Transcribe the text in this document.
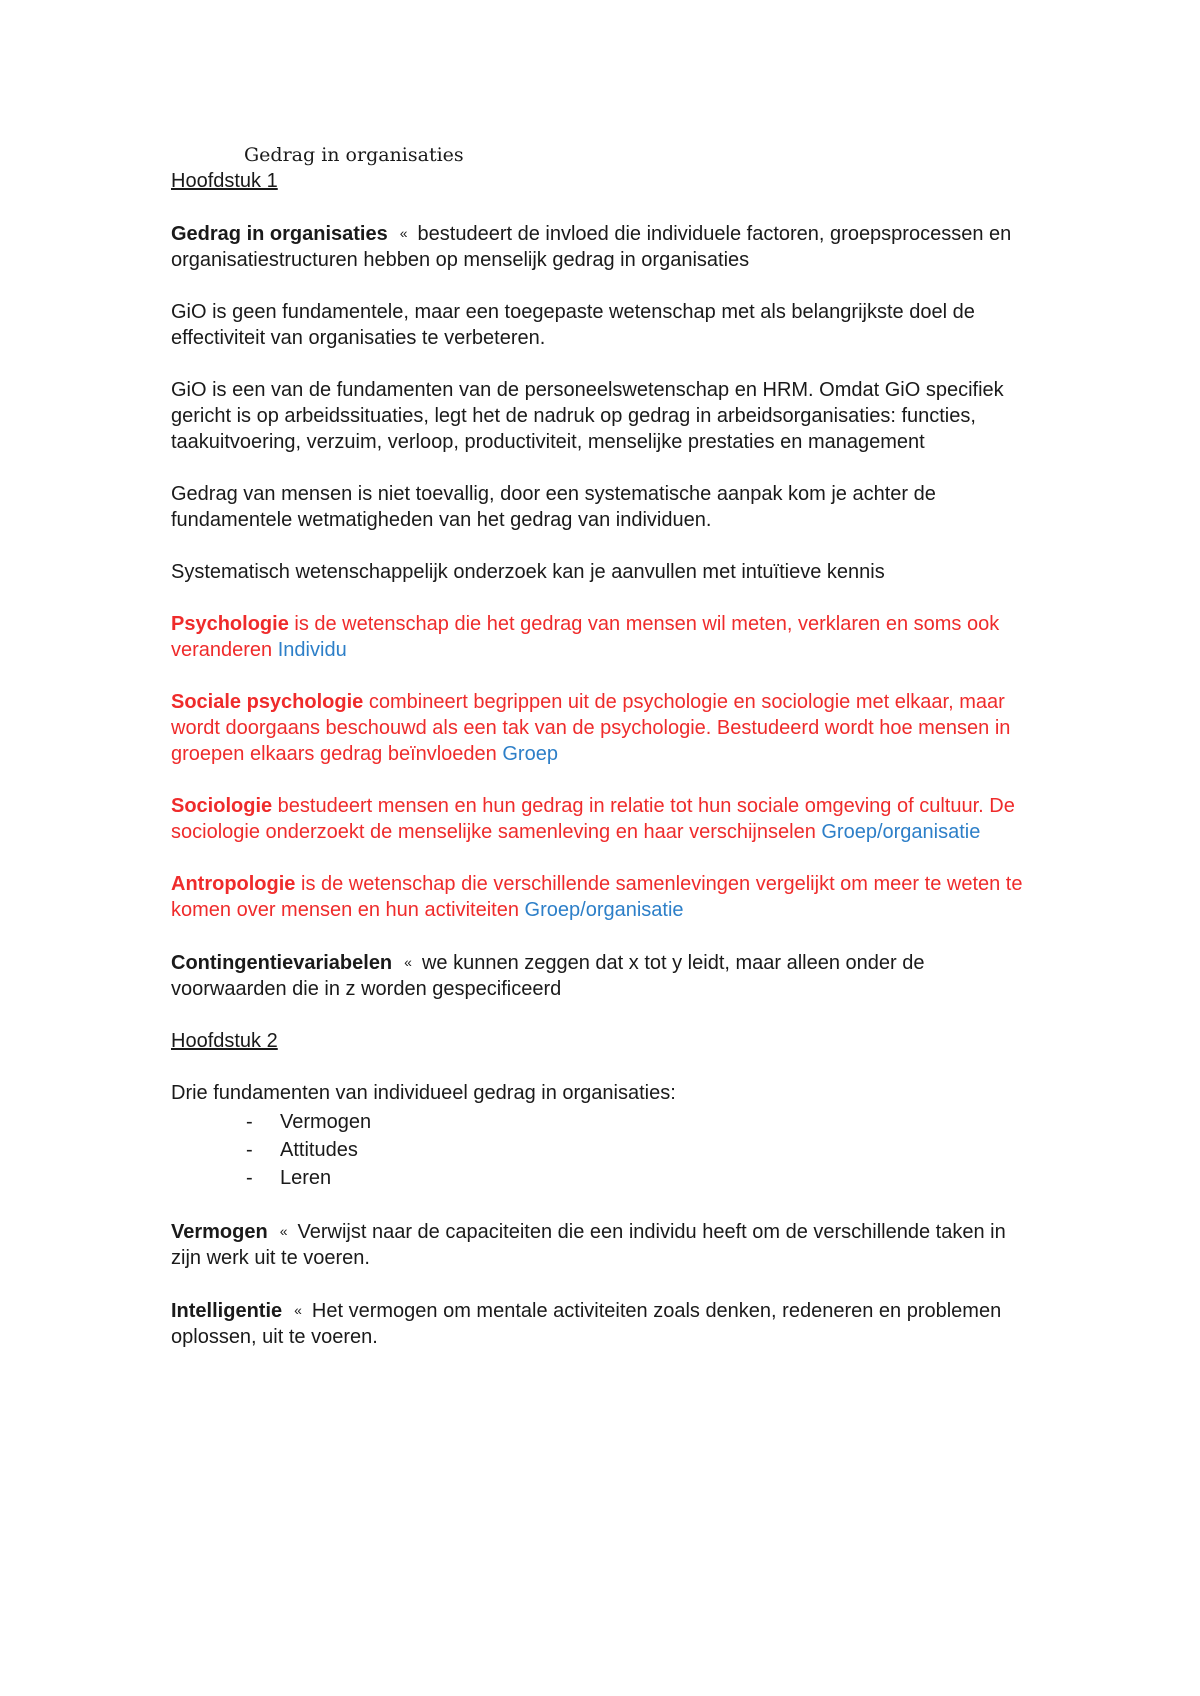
Gedrag in organisaties

Hoofdstuk 1

Gedrag in organisaties « bestudeert de invloed die individuele factoren, groepsprocessen en organisatiestructuren hebben op menselijk gedrag in organisaties

GiO is geen fundamentele, maar een toegepaste wetenschap met als belangrijkste doel de effectiviteit van organisaties te verbeteren.

GiO is een van de fundamenten van de personeelswetenschap en HRM. Omdat GiO specifiek gericht is op arbeidssituaties, legt het de nadruk op gedrag in arbeidsorganisaties: functies, taakuitvoering, verzuim, verloop, productiviteit, menselijke prestaties en management

Gedrag van mensen is niet toevallig, door een systematische aanpak kom je achter de fundamentele wetmatigheden van het gedrag van individuen.

Systematisch wetenschappelijk onderzoek kan je aanvullen met intuïtieve kennis

Psychologie is de wetenschap die het gedrag van mensen wil meten, verklaren en soms ook veranderen Individu

Sociale psychologie combineert begrippen uit de psychologie en sociologie met elkaar, maar wordt doorgaans beschouwd als een tak van de psychologie. Bestudeerd wordt hoe mensen in groepen elkaars gedrag beïnvloeden Groep

Sociologie bestudeert mensen en hun gedrag in relatie tot hun sociale omgeving of cultuur. De sociologie onderzoekt de menselijke samenleving en haar verschijnselen Groep/organisatie

Antropologie is de wetenschap die verschillende samenlevingen vergelijkt om meer te weten te komen over mensen en hun activiteiten Groep/organisatie

Contingentievariabelen « we kunnen zeggen dat x tot y leidt, maar alleen onder de voorwaarden die in z worden gespecificeerd

Hoofdstuk 2

Drie fundamenten van individueel gedrag in organisaties:

- Vermogen
- Attitudes
- Leren

Vermogen « Verwijst naar de capaciteiten die een individu heeft om de verschillende taken in zijn werk uit te voeren.

Intelligentie « Het vermogen om mentale activiteiten zoals denken, redeneren en problemen oplossen, uit te voeren.
